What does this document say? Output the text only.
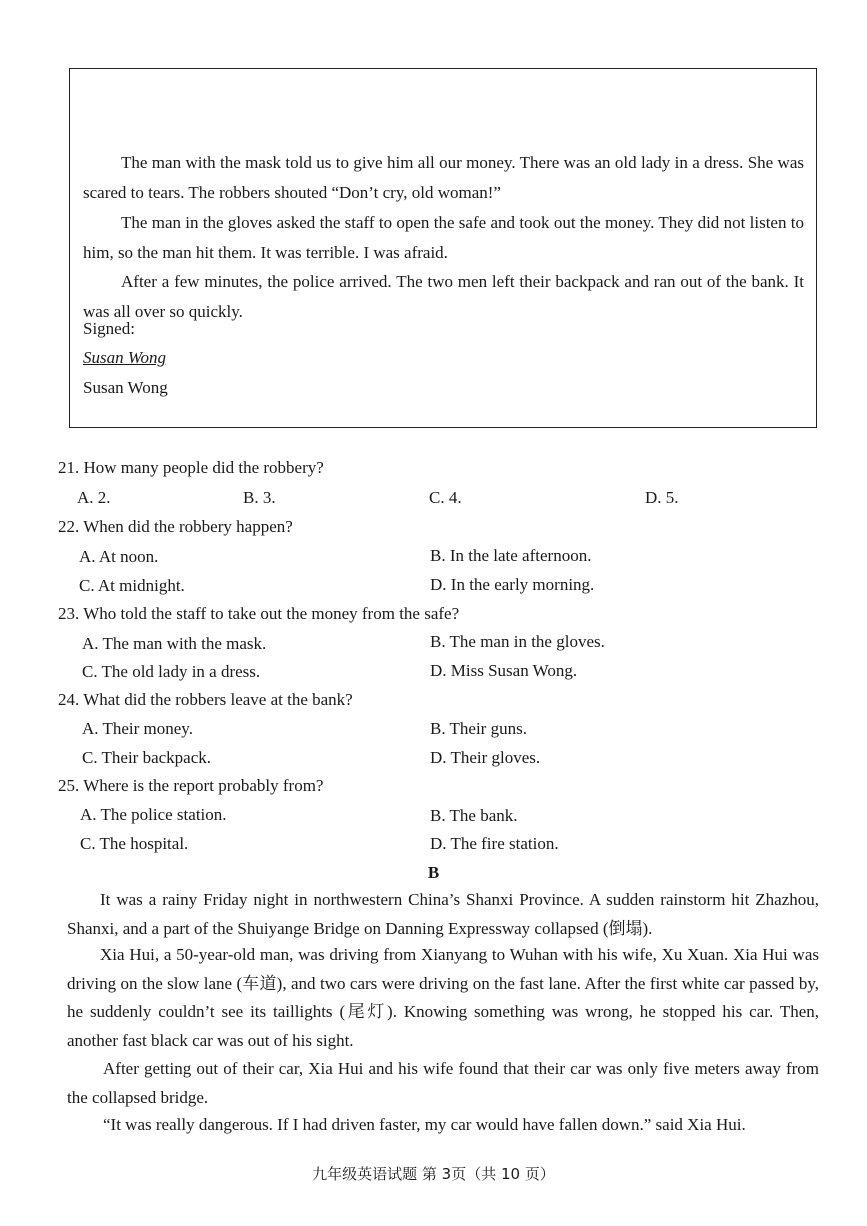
The man with the mask told us to give him all our money. There was an old lady in a dress. She was scared to tears. The robbers shouted “Don’t cry, old woman!”

The man in the gloves asked the staff to open the safe and took out the money. They did not listen to him, so the man hit them. It was terrible. I was afraid.

After a few minutes, the police arrived. The two men left their backpack and ran out of the bank. It was all over so quickly.

Signed:
Susan Wong
Susan Wong
21. How many people did the robbery?
A. 2.	B. 3.	C. 4.	D. 5.
22. When did the robbery happen?
A. At noon.	B. In the late afternoon.
C. At midnight.	D. In the early morning.
23. Who told the staff to take out the money from the safe?
A. The man with the mask.	B. The man in the gloves.
C. The old lady in a dress.	D. Miss Susan Wong.
24. What did the robbers leave at the bank?
A. Their money.	B. Their guns.
C. Their backpack.	D. Their gloves.
25. Where is the report probably from?
A. The police station.	B. The bank.
C. The hospital.	D. The fire station.
B

It was a rainy Friday night in northwestern China’s Shanxi Province. A sudden rainstorm hit Zhazhou, Shanxi, and a part of the Shuiyange Bridge on Danning Expressway collapsed (倒塌).

Xia Hui, a 50-year-old man, was driving from Xianyang to Wuhan with his wife, Xu Xuan. Xia Hui was driving on the slow lane (车道), and two cars were driving on the fast lane. After the first white car passed by, he suddenly couldn’t see its taillights (尾灯). Knowing something was wrong, he stopped his car. Then, another fast black car was out of his sight.

After getting out of their car, Xia Hui and his wife found that their car was only five meters away from the collapsed bridge.

“It was really dangerous. If I had driven faster, my car would have fallen down.” said Xia Hui.

九年级英语试题 第 3页（共 10 页）
